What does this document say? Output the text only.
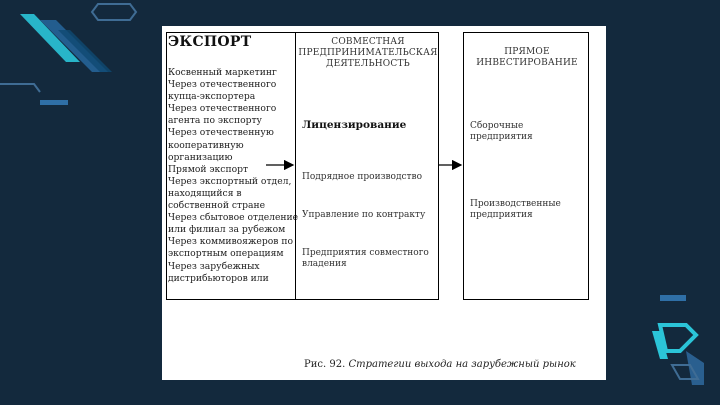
ЭКСПОРТ
Косвенный маркетинг
Через отечественного купца-экспортера
Через отечественного агента по экспорту
Через отечественную кооперативную организацию
Прямой экспорт
Через экспортный отдел, находящийся в собственной стране
Через сбытовое отделение или филиал за рубежом
Через коммивояжеров по экспортным операциям
Через зарубежных дистрибьюторов или
СОВМЕСТНАЯ ПРЕДПРИНИМАТЕЛЬСКАЯ ДЕЯТЕЛЬНОСТЬ
Лицензирование
Подрядное производство
Управление по контракту
Предприятия совместного владения
ПРЯМОЕ ИНВЕСТИРОВАНИЕ
Сборочные предприятия
Производственные предприятия
Рис. 92. Стратегии выхода на зарубежный рынок
